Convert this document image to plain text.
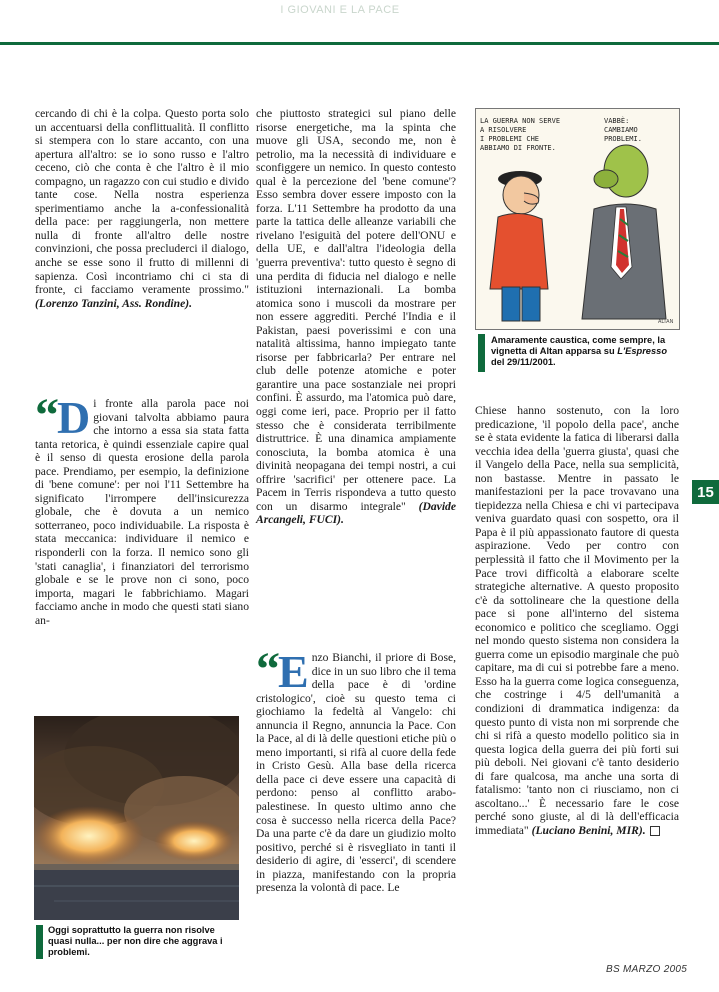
I GIOVANI E LA PACE

cercando di chi è la colpa. Questo porta solo un accentuarsi della conflittualità. Il conflitto si stempera con lo stare accanto, con una apertura all'altro: se io sono russo e l'altro ceceno, ciò che conta è che l'altro è il mio compagno, un ragazzo con cui studio e divido tante cose. Nella nostra esperienza sperimentiamo anche la a-confessionalità della pace: per raggiungerla, non mettere nulla di fronte all'altro delle nostre convinzioni, che possa precluderci il dialogo, anche se esse sono il frutto di millenni di sapienza. Così incontriamo chi ci sta di fronte, ci facciamo veramente prossimo." (Lorenzo Tanzini, Ass. Rondine).

“ D i fronte alla parola pace noi giovani talvolta abbiamo paura che intorno a essa sia stata fatta tanta retorica, è quindi essenziale capire qual è il senso di questa erosione della parola pace. Prendiamo, per esempio, la definizione di 'bene comune': per noi l'11 Settembre ha significato l'irrompere dell'insicurezza globale, che è dovuta a un nemico sotterraneo, poco individuabile. La risposta è stata meccanica: individuare il nemico e risponderli con la forza. Il nemico sono gli 'stati canaglia', i finanziatori del terrorismo globale e se le prove non ci sono, poco importa, magari le fabbrichiamo. Magari facciamo anche in modo che questi stati siano an-

che piuttosto strategici sul piano delle risorse energetiche, ma la spinta che muove gli USA, secondo me, non è petrolio, ma la necessità di individuare e sconfiggere un nemico. In questo contesto qual è la percezione del 'bene comune'? Esso sembra dover essere imposto con la forza. L'11 Settembre ha prodotto da una parte la tattica delle alleanze variabili che rivelano l'esiguità del potere dell'ONU e della UE, e dall'altra l'ideologia della 'guerra preventiva': tutto questo è segno di una perdita di fiducia nel dialogo e nelle istituzioni internazionali. La bomba atomica sono i muscoli da mostrare per non essere aggrediti. Perché l'India e il Pakistan, paesi poverissimi e con una natalità altissima, hanno impiegato tante risorse per fabbricarla? Per entrare nel club delle potenze atomiche e poter garantire una pace sostanziale nei propri confini. È assurdo, ma l'atomica può dare, oggi come ieri, pace. Proprio per il fatto stesso che è considerata terribilmente distruttrice. È una dinamica ampiamente conosciuta, la bomba atomica è una divinità neopagana dei tempi nostri, a cui offrire 'sacrifici' per ottenere pace. La Pacem in Terris rispondeva a tutto questo con un disarmo integrale" (Davide Arcangeli, FUCI).

“ E nzo Bianchi, il priore di Bose, dice in un suo libro che il tema della pace è di 'ordine cristologico', cioè su questo tema ci giochiamo la fedeltà al Vangelo: chi annuncia il Regno, annuncia la Pace. Con la Pace, al di là delle questioni etiche più o meno importanti, si rifà al cuore della fede in Cristo Gesù. Alla base della ricerca della pace ci deve essere una capacità di perdono: penso al conflitto arabo-palestinese. In questo ultimo anno che cosa è successo nella ricerca della Pace? Da una parte c'è da dare un giudizio molto positivo, perché si è risvegliato in tanti il desiderio di agire, di 'esserci', di scendere in piazza, manifestando con la propria presenza la volontà di pace. Le
LA GUERRA NON SERVE A RISOLVERE I PROBLEMI CHE ABBIAMO DI FRONTE.
VABBÈ: CAMBIAMO PROBLEMI.
ALTAN
Amaramente caustica, come sempre, la vignetta di Altan apparsa su L'Espresso
del 29/11/2001.
Oggi soprattutto la guerra non risolve quasi nulla... per non dire che aggrava i problemi.

Chiese hanno sostenuto, con la loro predicazione, 'il popolo della pace', anche se è stata evidente la fatica di liberarsi dalla vecchia idea della 'guerra giusta', quasi che il Vangelo della Pace, nella sua semplicità, non bastasse. Mentre in passato le manifestazioni per la pace trovavano una tiepidezza nella Chiesa e chi vi partecipava veniva guardato quasi con sospetto, ora il Papa è il più appassionato fautore di questa aspirazione. Vedo per contro con perplessità il fatto che il Movimento per la Pace trovi difficoltà a elaborare scelte strategiche alternative. A questo proposito c'è da sottolineare che la questione della pace si pone all'interno del sistema economico e politico che scegliamo. Oggi nel mondo questo sistema non considera la guerra come un episodio marginale che può capitare, ma di cui si potrebbe fare a meno. Esso ha la guerra come logica conseguenza, che costringe i 4/5 dell'umanità a condizioni di drammatica indigenza: da questo punto di vista non mi sorprende che chi si rifà a questo modello politico sia in questa logica della guerra dei più forti sui più deboli. Nei giovani c'è tanto desiderio di fare qualcosa, ma anche una sorta di fatalismo: 'tanto non ci riusciamo, non ci ascoltano...' È necessario fare le cose perché sono giuste, al di là dell'efficacia immediata" (Luciano Benini, MIR).

15
BS MARZO 2005
